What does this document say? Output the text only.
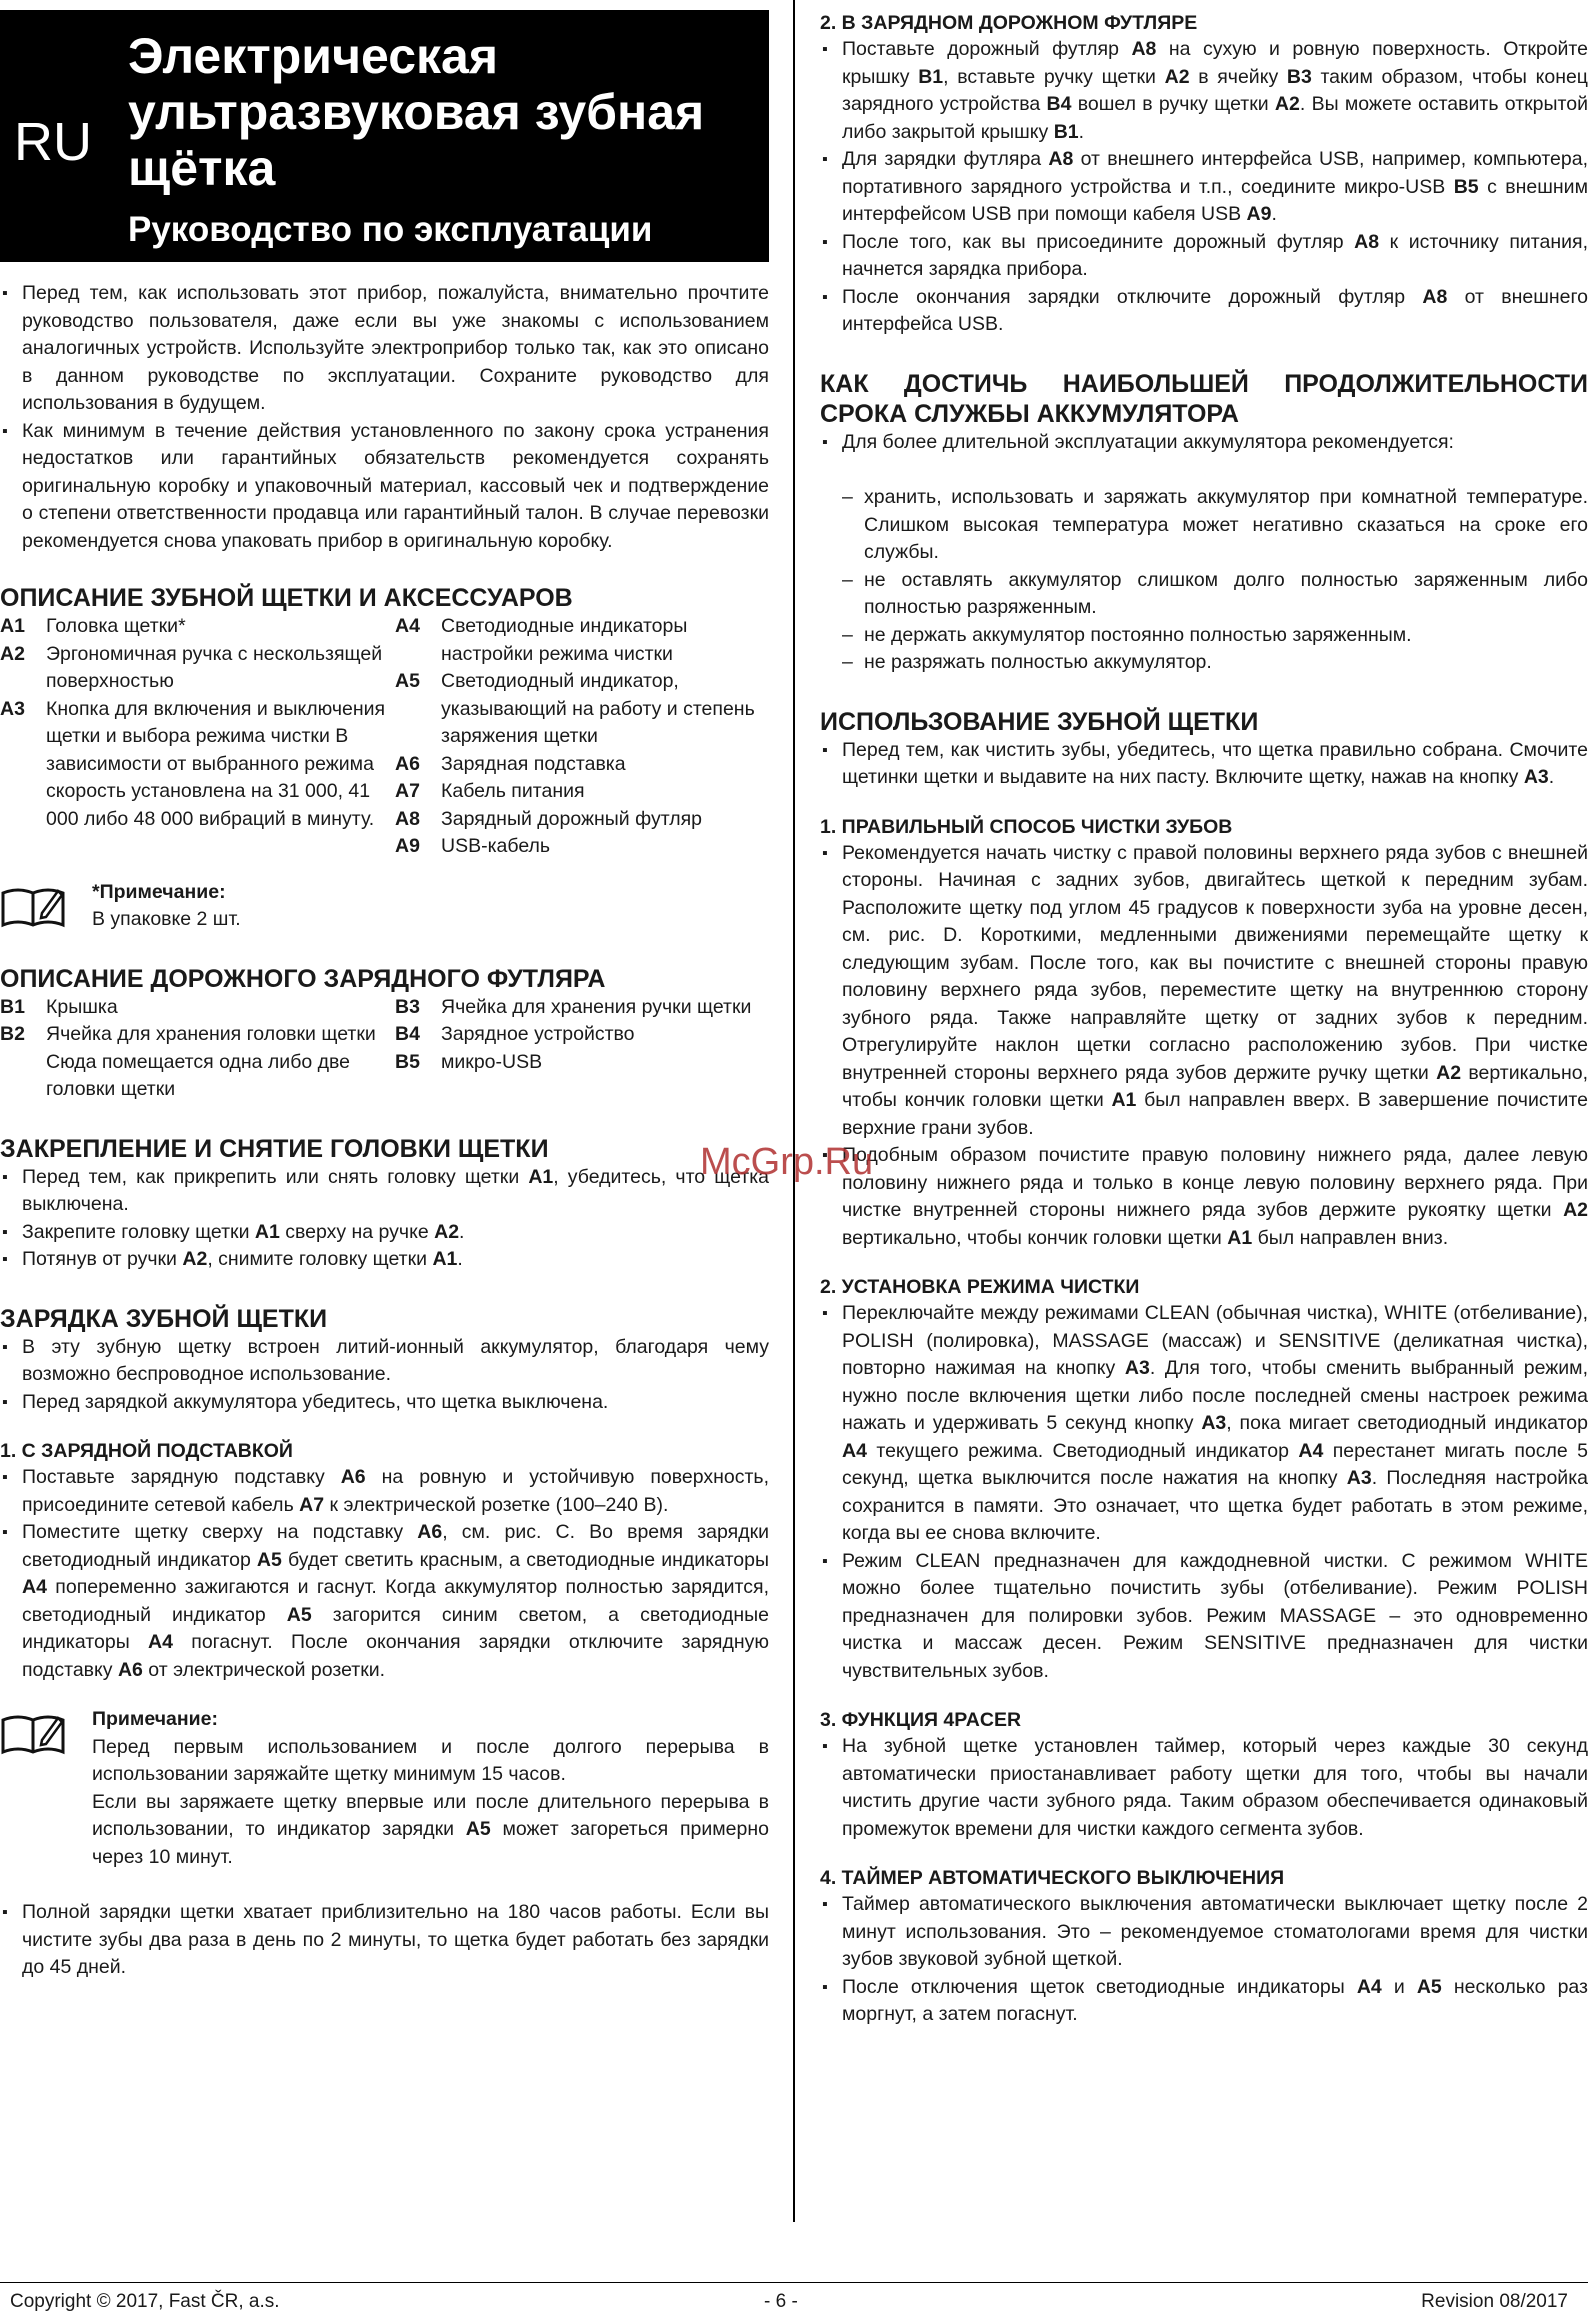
RU
Электрическая ультразвуковая зубная щётка
Руководство по эксплуатации
▪ Перед тем, как использовать этот прибор, пожалуйста, внимательно прочтите руководство пользователя, даже если вы уже знакомы с использованием аналогичных устройств. Используйте электроприбор только так, как это описано в данном руководстве по эксплуатации. Сохраните руководство для использования в будущем.
▪ Как минимум в течение действия установленного по закону срока устранения недостатков или гарантийных обязательств рекомендуется сохранять оригинальную коробку и упаковочный материал, кассовый чек и подтверждение о степени ответственности продавца или гарантийный талон. В случае перевозки рекомендуется снова упаковать прибор в оригинальную коробку.
ОПИСАНИЕ ЗУБНОЙ ЩЕТКИ И АКСЕССУАРОВ
A1	Головка щетки*
A2	Эргономичная ручка с нескользящей поверхностью
A3	Кнопка для включения и выключения щетки и выбора режима чистки В зависимости от выбранного режима скорость установлена на 31 000, 41 000 либо 48 000 вибраций в минуту.
A4	Светодиодные индикаторы настройки режима чистки
A5	Светодиодный индикатор, указывающий на работу и степень заряжения щетки
A6	Зарядная подставка
A7	Кабель питания
A8	Зарядный дорожный футляр
A9	USB-кабель
*Примечание:
В упаковке 2 шт.
ОПИСАНИЕ ДОРОЖНОГО ЗАРЯДНОГО ФУТЛЯРА
B1	Крышка
B2	Ячейка для хранения головки щетки Сюда помещается одна либо две головки щетки
B3	Ячейка для хранения ручки щетки
B4	Зарядное устройство
B5	микро-USB
ЗАКРЕПЛЕНИЕ И СНЯТИЕ ГОЛОВКИ ЩЕТКИ
▪ Перед тем, как прикрепить или снять головку щетки A1, убедитесь, что щетка выключена.
▪ Закрепите головку щетки A1 сверху на ручке A2.
▪ Потянув от ручки A2, снимите головку щетки A1.
ЗАРЯДКА ЗУБНОЙ ЩЕТКИ
▪ В эту зубную щетку встроен литий-ионный аккумулятор, благодаря чему возможно беспроводное использование.
▪ Перед зарядкой аккумулятора убедитесь, что щетка выключена.
1. С ЗАРЯДНОЙ ПОДСТАВКОЙ
▪ Поставьте зарядную подставку A6 на ровную и устойчивую поверхность, присоедините сетевой кабель A7 к электрической розетке (100–240 В).
▪ Поместите щетку сверху на подставку A6, см. рис. C. Во время зарядки светодиодный индикатор A5 будет светить красным, а светодиодные индикаторы A4 попеременно зажигаются и гаснут. Когда аккумулятор полностью зарядится, светодиодный индикатор A5 загорится синим светом, а светодиодные индикаторы A4 погаснут. После окончания зарядки отключите зарядную подставку A6 от электрической розетки.
Примечание:
Перед первым использованием и после долгого перерыва в использовании заряжайте щетку минимум 15 часов.
Если вы заряжаете щетку впервые или после длительного перерыва в использовании, то индикатор зарядки A5 может загореться примерно через 10 минут.
▪ Полной зарядки щетки хватает приблизительно на 180 часов работы. Если вы чистите зубы два раза в день по 2 минуты, то щетка будет работать без зарядки до 45 дней.
2. В ЗАРЯДНОМ ДОРОЖНОМ ФУТЛЯРЕ
▪ Поставьте дорожный футляр A8 на сухую и ровную поверхность. Откройте крышку B1, вставьте ручку щетки A2 в ячейку B3 таким образом, чтобы конец зарядного устройства B4 вошел в ручку щетки A2. Вы можете оставить открытой либо закрытой крышку B1.
▪ Для зарядки футляра A8 от внешнего интерфейса USB, например, компьютера, портативного зарядного устройства и т.п., соедините микро-USB B5 с внешним интерфейсом USB при помощи кабеля USB A9.
▪ После того, как вы присоедините дорожный футляр A8 к источнику питания, начнется зарядка прибора.
▪ После окончания зарядки отключите дорожный футляр A8 от внешнего интерфейса USB.
КАК ДОСТИЧЬ НАИБОЛЬШЕЙ ПРОДОЛЖИТЕЛЬНОСТИ СРОКА СЛУЖБЫ АККУМУЛЯТОРА
▪ Для более длительной эксплуатации аккумулятора рекомендуется:
– хранить, использовать и заряжать аккумулятор при комнатной температуре. Слишком высокая температура может негативно сказаться на сроке его службы.
– не оставлять аккумулятор слишком долго полностью заряженным либо полностью разряженным.
– не держать аккумулятор постоянно полностью заряженным.
– не разряжать полностью аккумулятор.
ИСПОЛЬЗОВАНИЕ ЗУБНОЙ ЩЕТКИ
▪ Перед тем, как чистить зубы, убедитесь, что щетка правильно собрана. Смочите щетинки щетки и выдавите на них пасту. Включите щетку, нажав на кнопку A3.
1. ПРАВИЛЬНЫЙ СПОСОБ ЧИСТКИ ЗУБОВ
▪ Рекомендуется начать чистку с правой половины верхнего ряда зубов с внешней стороны. Начиная с задних зубов, двигайтесь щеткой к передним зубам. Расположите щетку под углом 45 градусов к поверхности зуба на уровне десен, см. рис. D. Короткими, медленными движениями перемещайте щетку к следующим зубам. После того, как вы почистите с внешней стороны правую половину верхнего ряда зубов, переместите щетку на внутреннюю сторону зубного ряда. Также направляйте щетку от задних зубов к передним. Отрегулируйте наклон щетки согласно расположению зубов. При чистке внутренней стороны верхнего ряда зубов держите ручку щетки A2 вертикально, чтобы кончик головки щетки A1 был направлен вверх. В завершение почистите верхние грани зубов.
▪ Подобным образом почистите правую половину нижнего ряда, далее левую половину нижнего ряда и только в конце левую половину верхнего ряда. При чистке внутренней стороны нижнего ряда зубов держите рукоятку щетки A2 вертикально, чтобы кончик головки щетки A1 был направлен вниз.
2. УСТАНОВКА РЕЖИМА ЧИСТКИ
▪ Переключайте между режимами CLEAN (обычная чистка), WHITE (отбеливание), POLISH (полировка), MASSAGE (массаж) и SENSITIVE (деликатная чистка), повторно нажимая на кнопку A3. Для того, чтобы сменить выбранный режим, нужно после включения щетки либо после последней смены настроек режима нажать и удерживать 5 секунд кнопку A3, пока мигает светодиодный индикатор A4 текущего режима. Светодиодный индикатор A4 перестанет мигать после 5 секунд, щетка выключится после нажатия на кнопку A3. Последняя настройка сохранится в памяти. Это означает, что щетка будет работать в этом режиме, когда вы ее снова включите.
▪ Режим CLEAN предназначен для каждодневной чистки. С режимом WHITE можно более тщательно почистить зубы (отбеливание). Режим POLISH предназначен для полировки зубов. Режим MASSAGE – это одновременно чистка и массаж десен. Режим SENSITIVE предназначен для чистки чувствительных зубов.
3. ФУНКЦИЯ 4PACER
▪ На зубной щетке установлен таймер, который через каждые 30 секунд автоматически приостанавливает работу щетки для того, чтобы вы начали чистить другие части зубного ряда. Таким образом обеспечивается одинаковый промежуток времени для чистки каждого сегмента зубов.
4. ТАЙМЕР АВТОМАТИЧЕСКОГО ВЫКЛЮЧЕНИЯ
▪ Таймер автоматического выключения автоматически выключает щетку после 2 минут использования. Это – рекомендуемое стоматологами время для чистки зубов звуковой зубной щеткой.
▪ После отключения щеток светодиодные индикаторы A4 и A5 несколько раз моргнут, а затем погаснут.
McGrp.Ru
Copyright © 2017, Fast ČR, a.s.	- 6 -	Revision 08/2017
